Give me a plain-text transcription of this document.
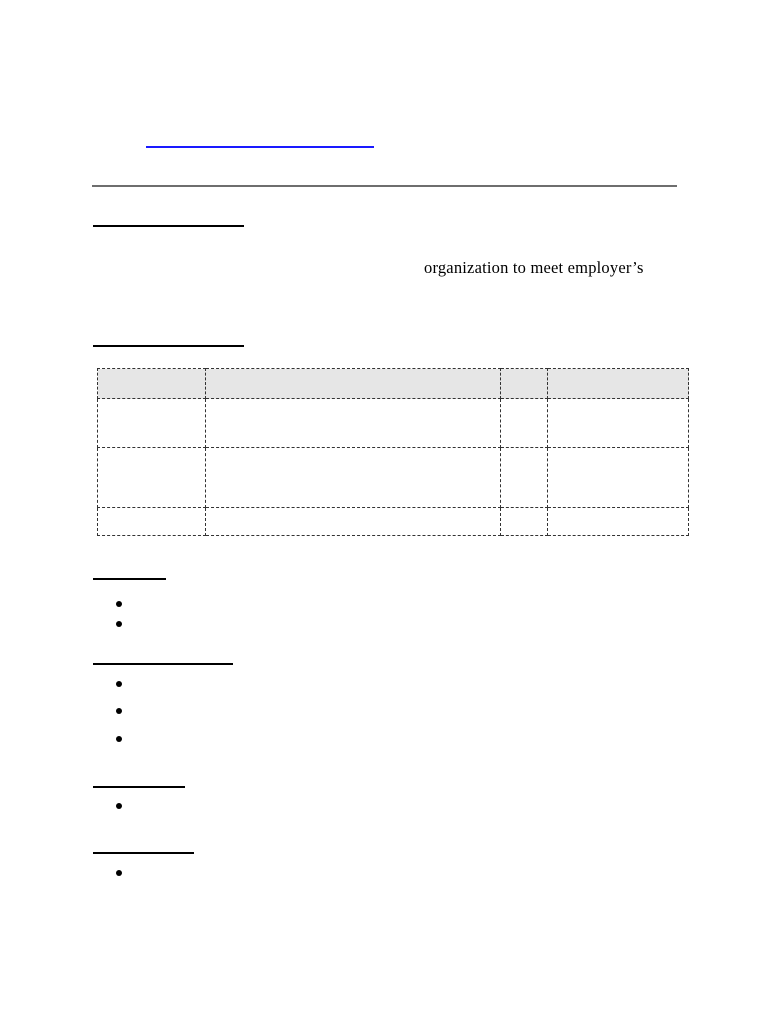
organization to meet employer’s
